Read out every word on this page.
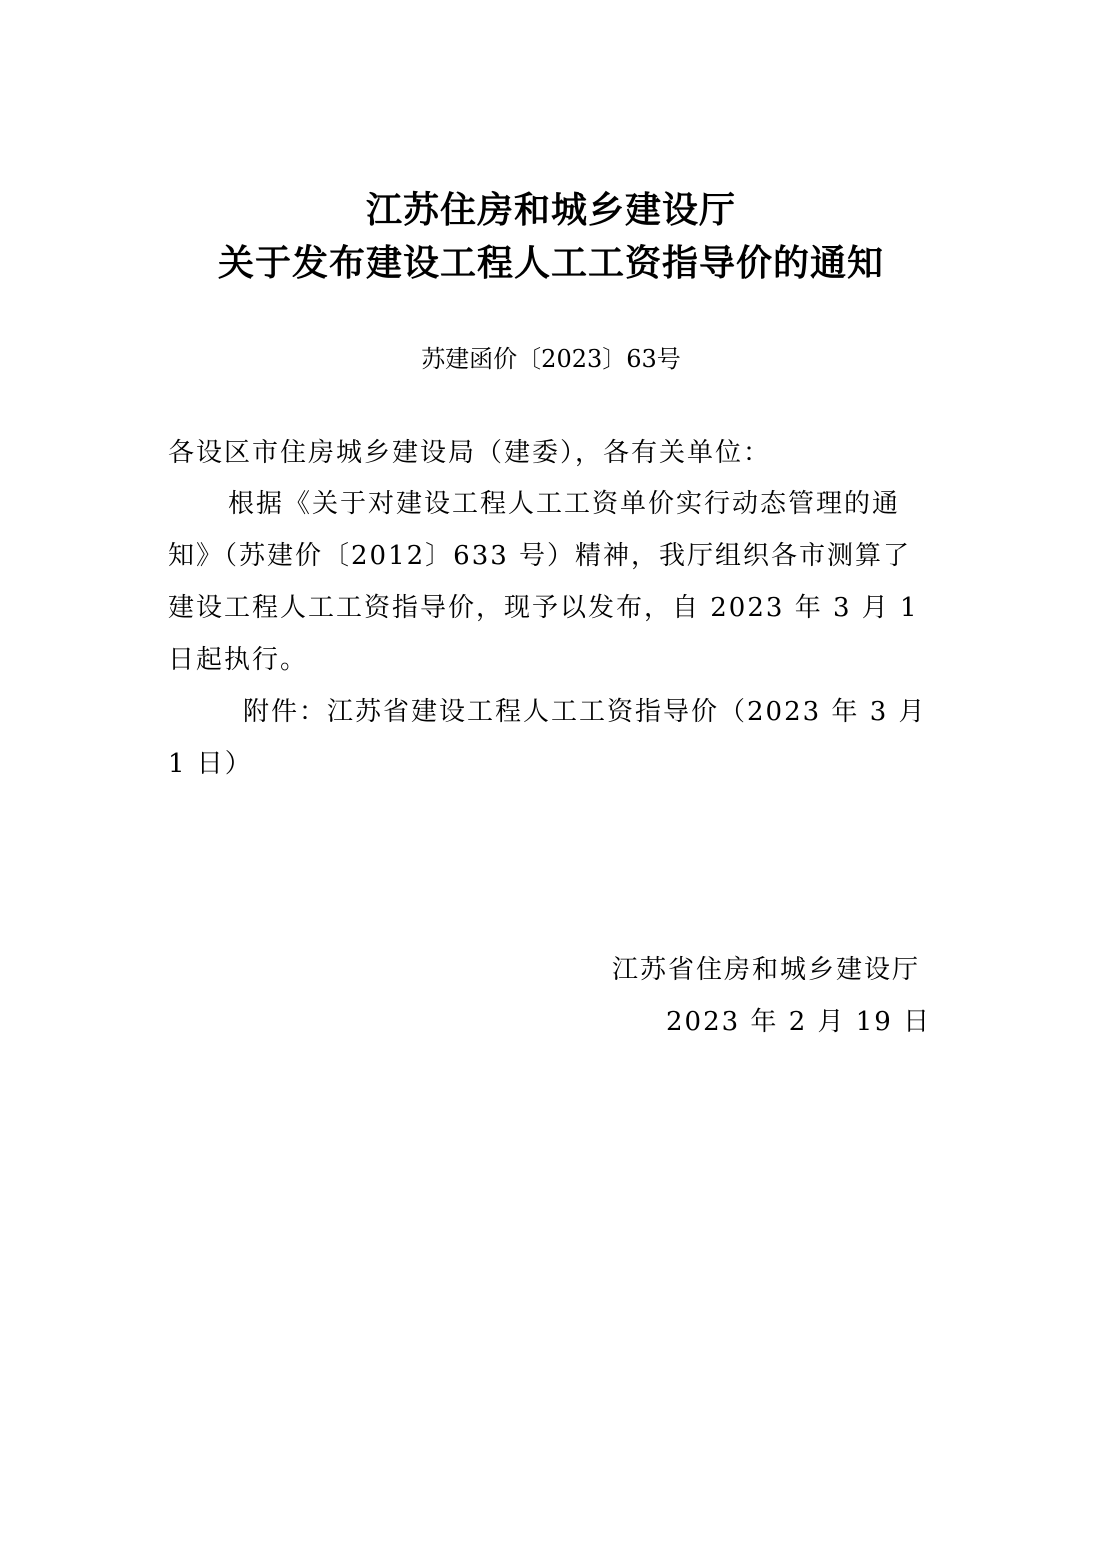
江苏住房和城乡建设厅
关于发布建设工程人工工资指导价的通知
苏建函价〔2023〕63号
各设区市住房城乡建设局（建委），各有关单位：
根据《关于对建设工程人工工资单价实行动态管理的通
知》（苏建价〔2012〕633 号）精神，我厅组织各市测算了
建设工程人工工资指导价，现予以发布，自 2023 年 3 月 1
日起执行。
附件：江苏省建设工程人工工资指导价（2023 年 3 月
1 日）
江苏省住房和城乡建设厅
2023 年 2 月 19 日
